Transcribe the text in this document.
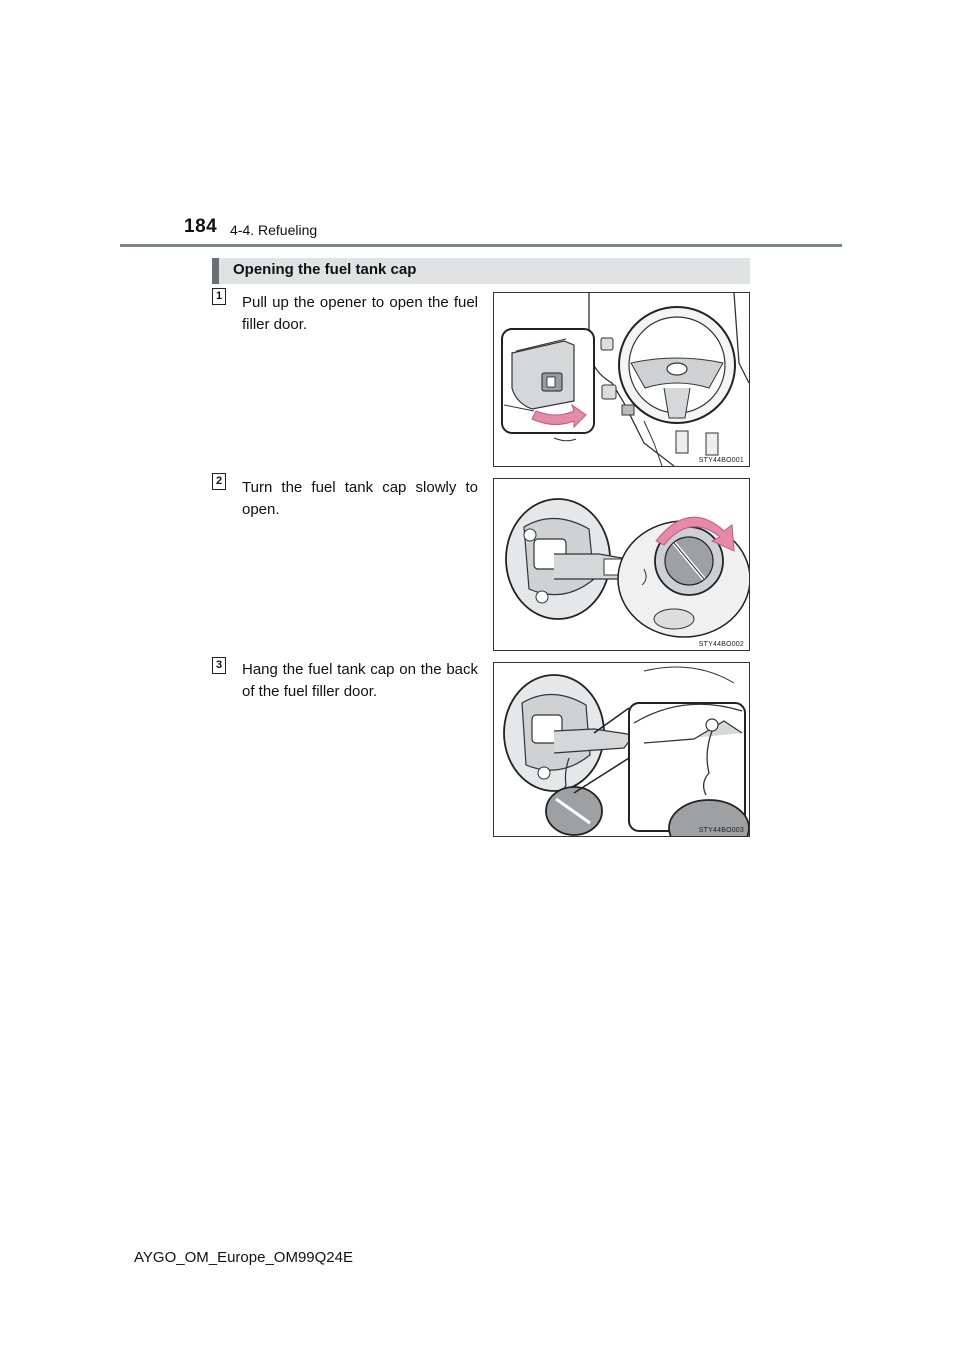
184 4-4. Refueling
Opening the fuel tank cap
1 Pull up the opener to open the fuel filler door.
STY44BO001
2 Turn the fuel tank cap slowly to open.
STY44BO002
3 Hang the fuel tank cap on the back of the fuel filler door.
STY44BO003
AYGO_OM_Europe_OM99Q24E
